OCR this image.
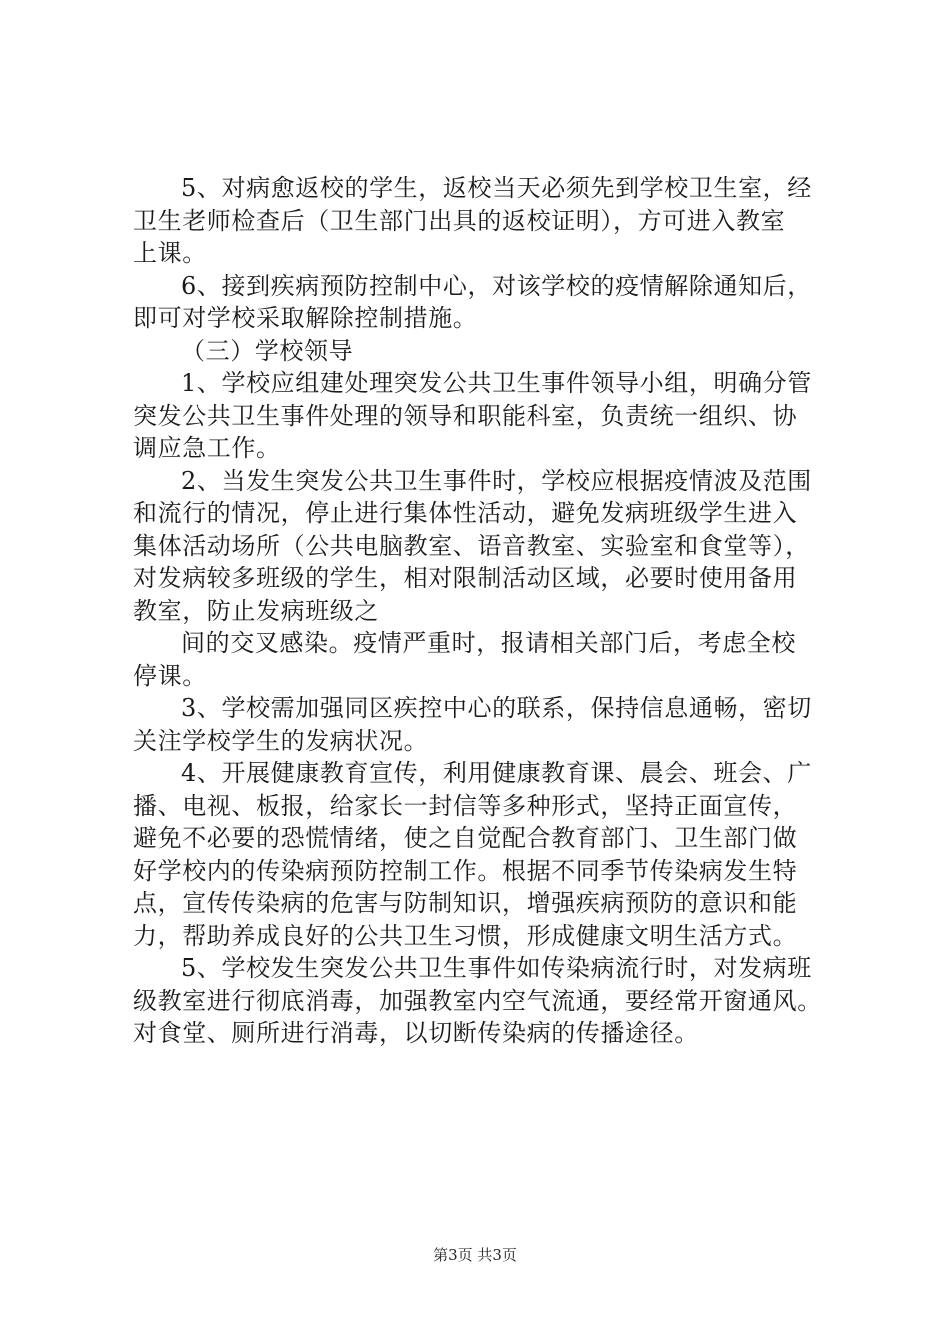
5、对病愈返校的学生，返校当天必须先到学校卫生室，经
卫生老师检查后（卫生部门出具的返校证明），方可进入教室
上课。
6、接到疾病预防控制中心，对该学校的疫情解除通知后，
即可对学校采取解除控制措施。
（三）学校领导
1、学校应组建处理突发公共卫生事件领导小组，明确分管
突发公共卫生事件处理的领导和职能科室，负责统一组织、协
调应急工作。
2、当发生突发公共卫生事件时，学校应根据疫情波及范围
和流行的情况，停止进行集体性活动，避免发病班级学生进入
集体活动场所（公共电脑教室、语音教室、实验室和食堂等），
对发病较多班级的学生，相对限制活动区域，必要时使用备用
教室，防止发病班级之
间的交叉感染。疫情严重时，报请相关部门后，考虑全校
停课。
3、学校需加强同区疾控中心的联系，保持信息通畅，密切
关注学校学生的发病状况。
4、开展健康教育宣传，利用健康教育课、晨会、班会、广
播、电视、板报，给家长一封信等多种形式，坚持正面宣传，
避免不必要的恐慌情绪，使之自觉配合教育部门、卫生部门做
好学校内的传染病预防控制工作。根据不同季节传染病发生特
点，宣传传染病的危害与防制知识，增强疾病预防的意识和能
力，帮助养成良好的公共卫生习惯，形成健康文明生活方式。
5、学校发生突发公共卫生事件如传染病流行时，对发病班
级教室进行彻底消毒，加强教室内空气流通，要经常开窗通风。
对食堂、厕所进行消毒，以切断传染病的传播途径。
第3页 共3页
